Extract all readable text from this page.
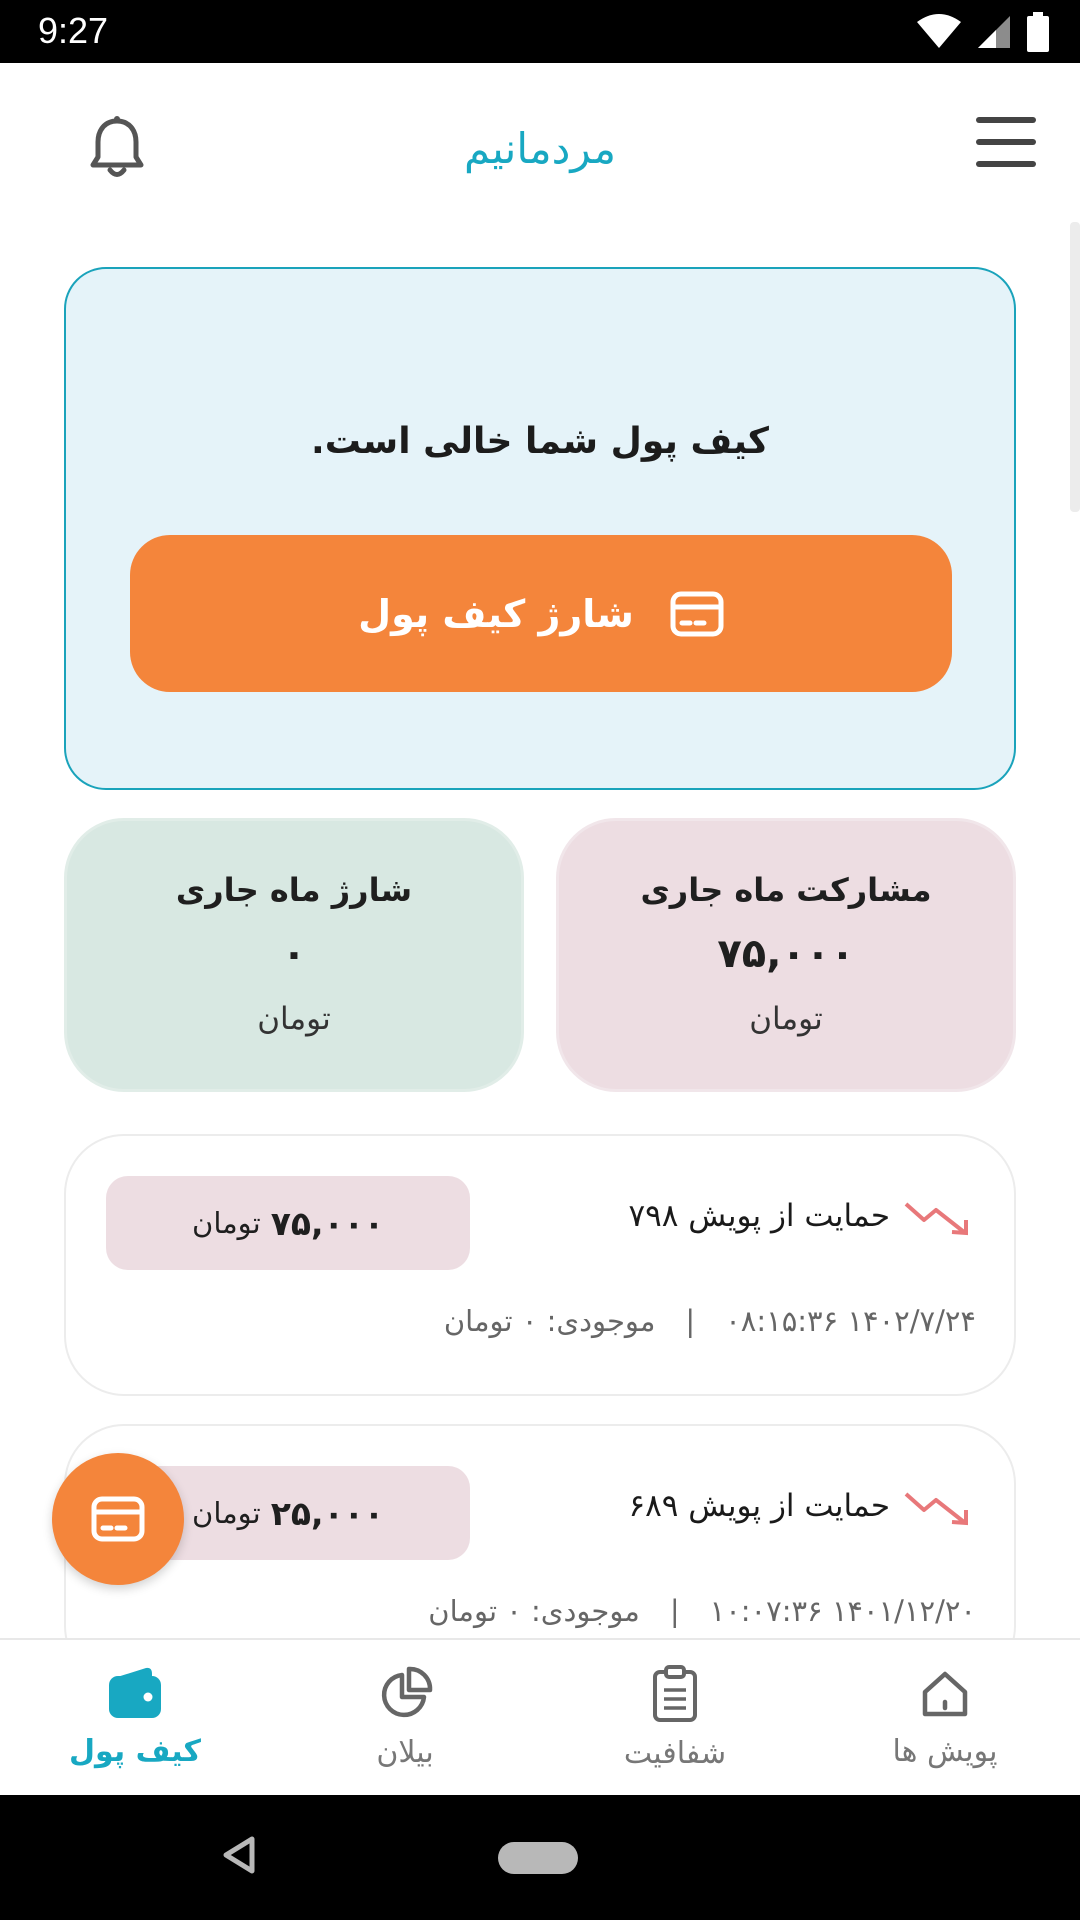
9:27
مردمانیم
کیف پول شما خالی است.
شارژ کیف پول
مشارکت ماه جاری
۷۵,۰۰۰
تومان
شارژ ماه جاری
۰
تومان
حمایت از پویش ۷۹۸
۷۵,۰۰۰
تومان
۱۴۰۲/۷/۲۴ ۰۸:۱۵:۳۶|موجودی: ۰ تومان
حمایت از پویش ۶۸۹
۲۵,۰۰۰
تومان
۱۴۰۱/۱۲/۲۰ ۱۰:۰۷:۳۶|موجودی: ۰ تومان
پویش ها
شفافیت
بیلان
کیف پول
